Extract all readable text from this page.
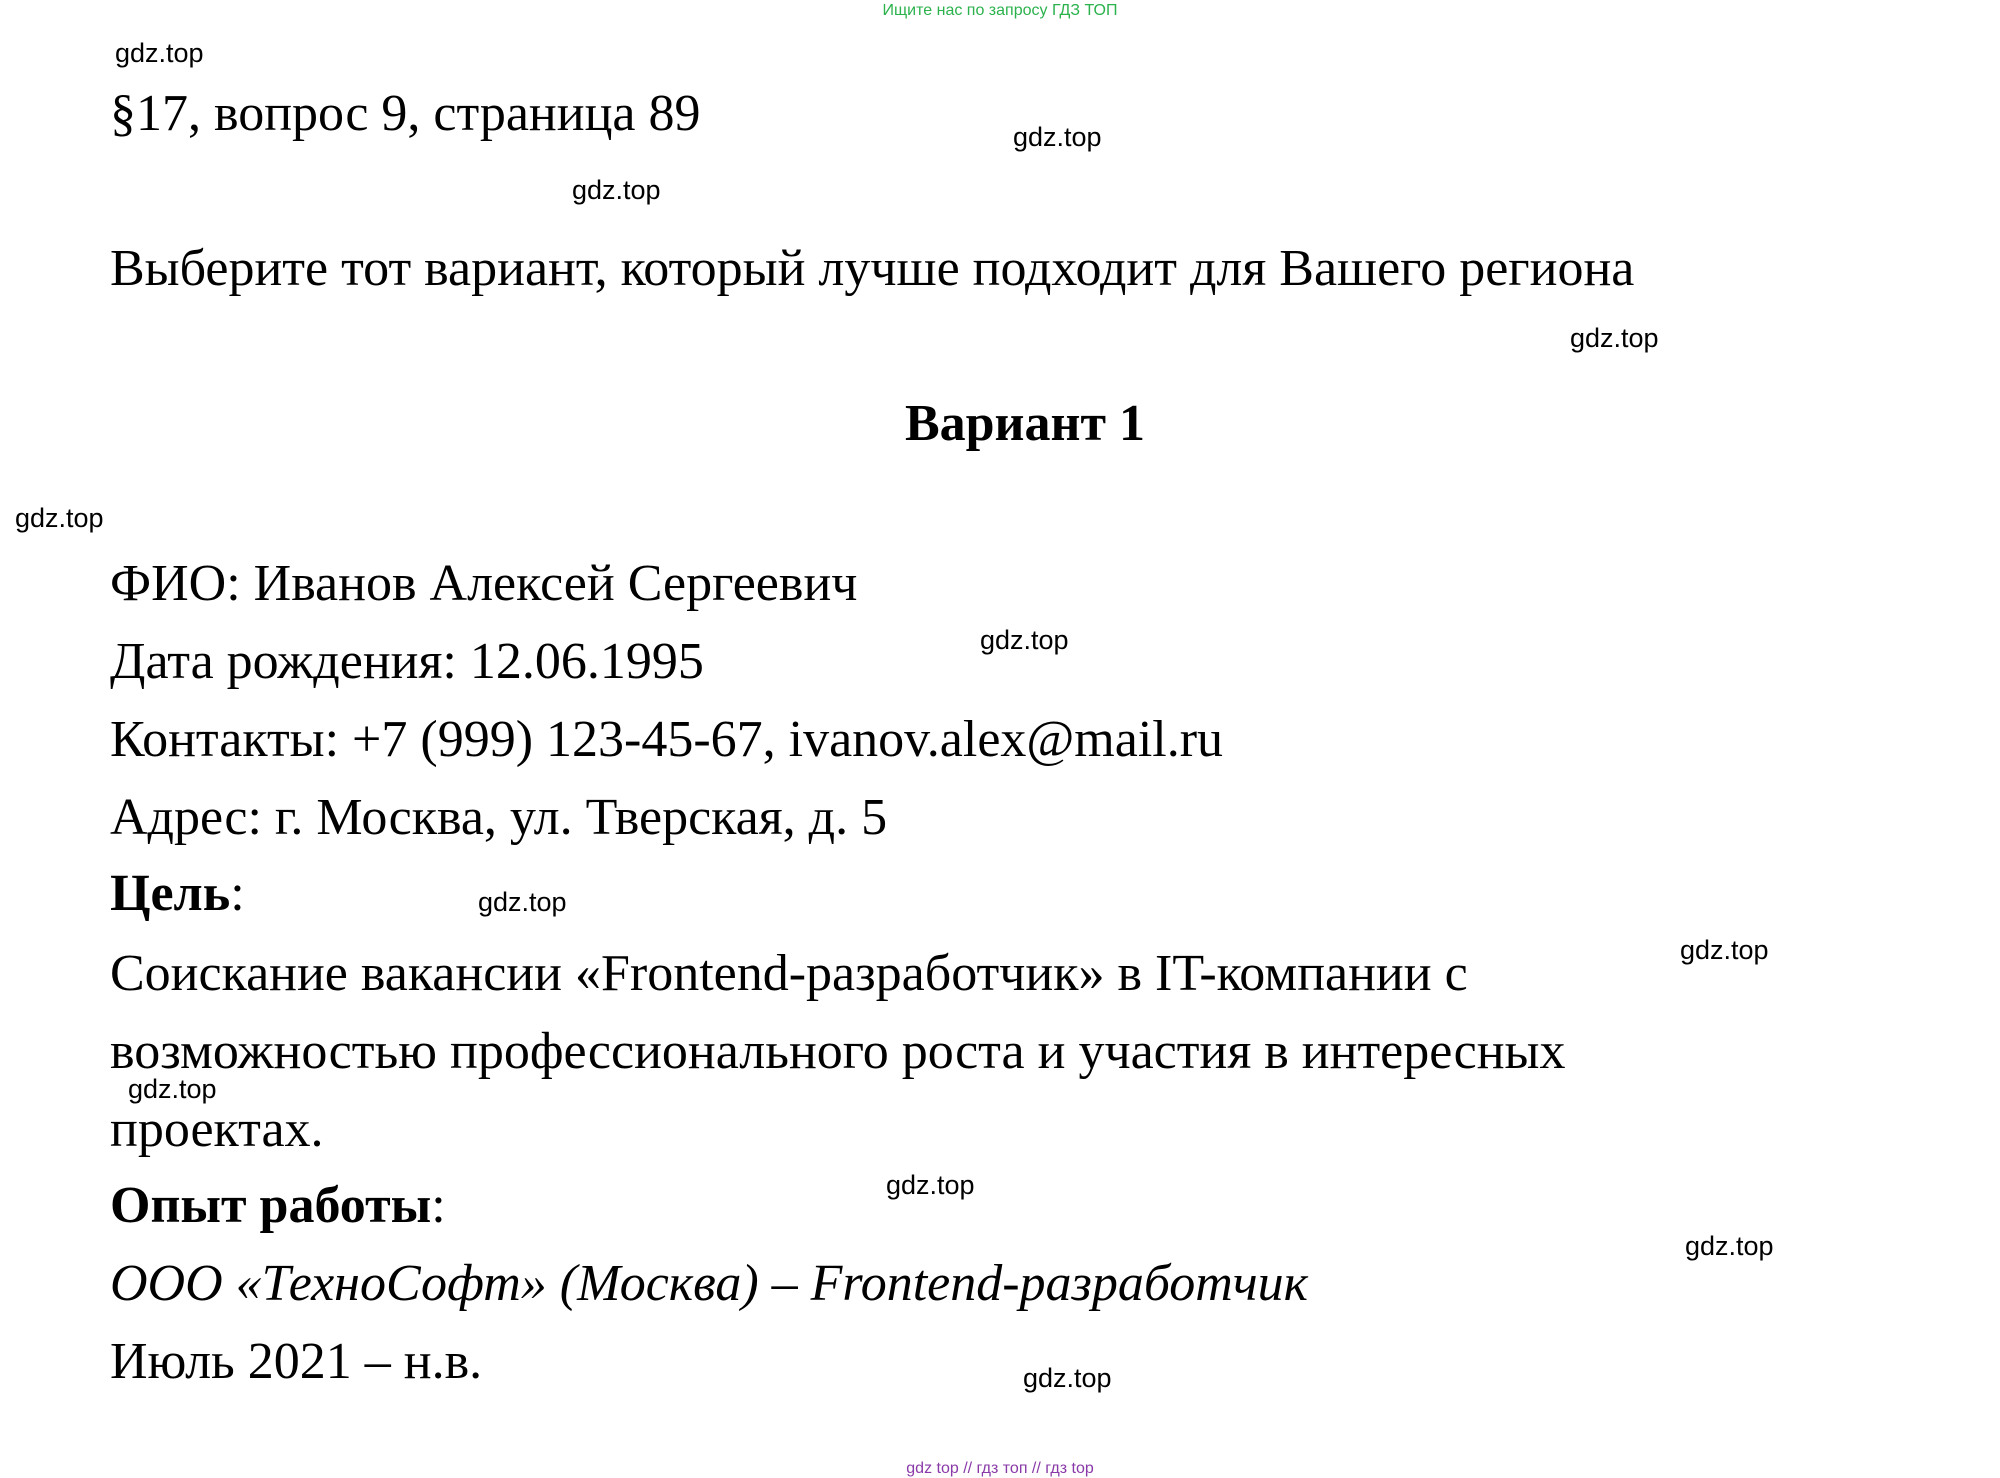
Ищите нас по запросу ГДЗ ТОП
gdz.top
§17, вопрос 9, страница 89	gdz.top
gdz.top
Выберите тот вариант, который лучше подходит для Вашего региона
gdz.top
Вариант 1
gdz.top
ФИО: Иванов Алексей Сергеевич
gdz.top
Дата рождения: 12.06.1995
Контакты: +7 (999) 123-45-67, ivanov.alex@mail.ru
Адрес: г. Москва, ул. Тверская, д. 5
Цель:	gdz.top
Соискание вакансии «Frontend-разработчик» в IT-компании с	gdz.top
возможностью профессионального роста и участия в интересных
gdz.top
проектах.
gdz.top
Опыт работы:
gdz.top
ООО «ТехноСофт» (Москва) – Frontend-разработчик
Июль 2021 – н.в.	gdz.top
gdz top // гдз топ // гдз top
